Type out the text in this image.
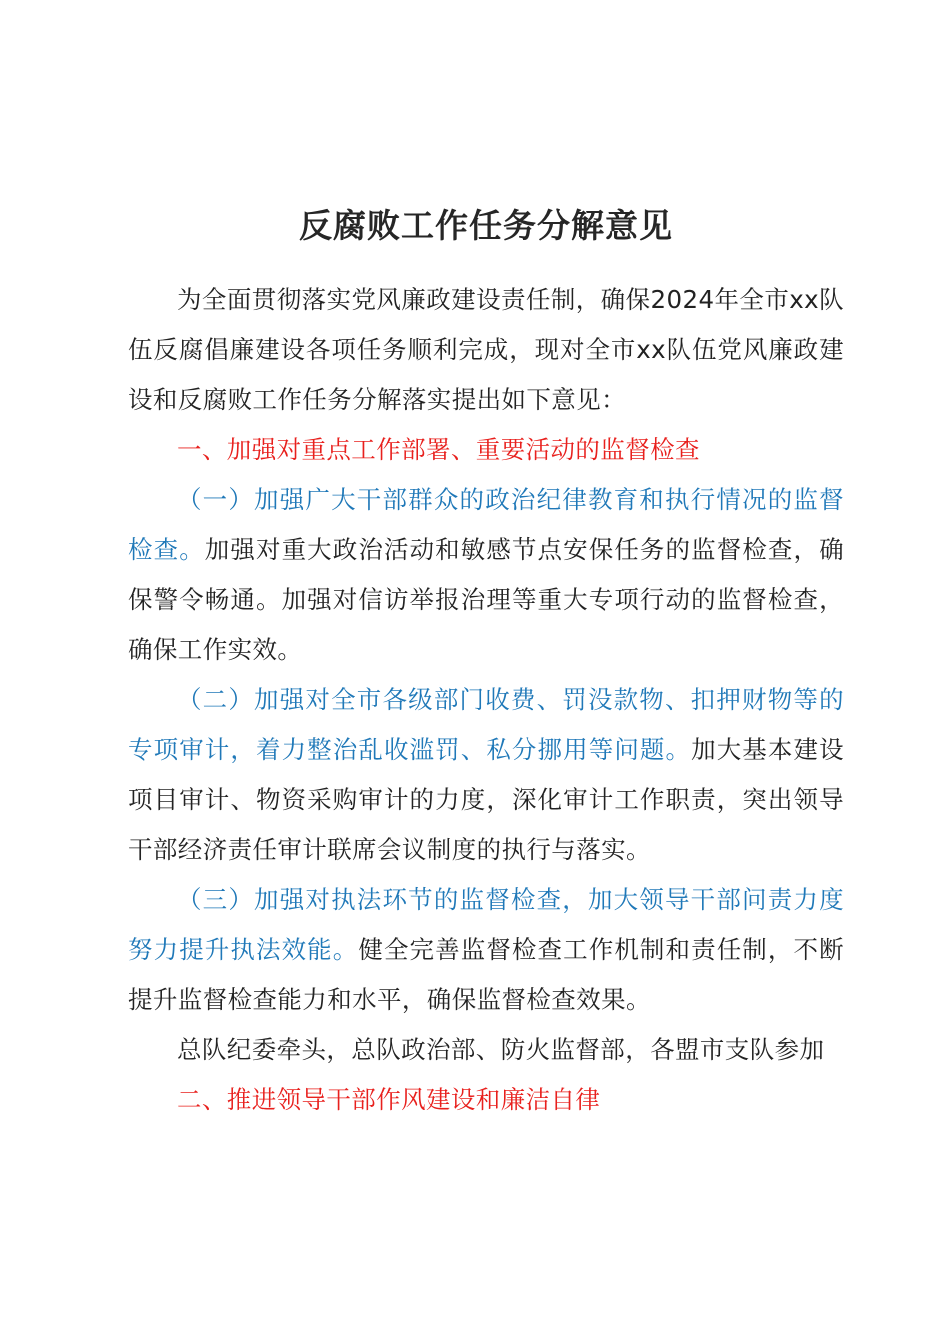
反腐败工作任务分解意见

为全面贯彻落实党风廉政建设责任制，确保2024年全市xx队伍反腐倡廉建设各项任务顺利完成，现对全市xx队伍党风廉政建设和反腐败工作任务分解落实提出如下意见：

一、加强对重点工作部署、重要活动的监督检查

（一）加强广大干部群众的政治纪律教育和执行情况的监督检查。加强对重大政治活动和敏感节点安保任务的监督检查，确保警令畅通。加强对信访举报治理等重大专项行动的监督检查，确保工作实效。

（二）加强对全市各级部门收费、罚没款物、扣押财物等的专项审计，着力整治乱收滥罚、私分挪用等问题。加大基本建设项目审计、物资采购审计的力度，深化审计工作职责，突出领导干部经济责任审计联席会议制度的执行与落实。

（三）加强对执法环节的监督检查，加大领导干部问责力度努力提升执法效能。健全完善监督检查工作机制和责任制，不断提升监督检查能力和水平，确保监督检查效果。

总队纪委牵头，总队政治部、防火监督部，各盟市支队参加

二、推进领导干部作风建设和廉洁自律
